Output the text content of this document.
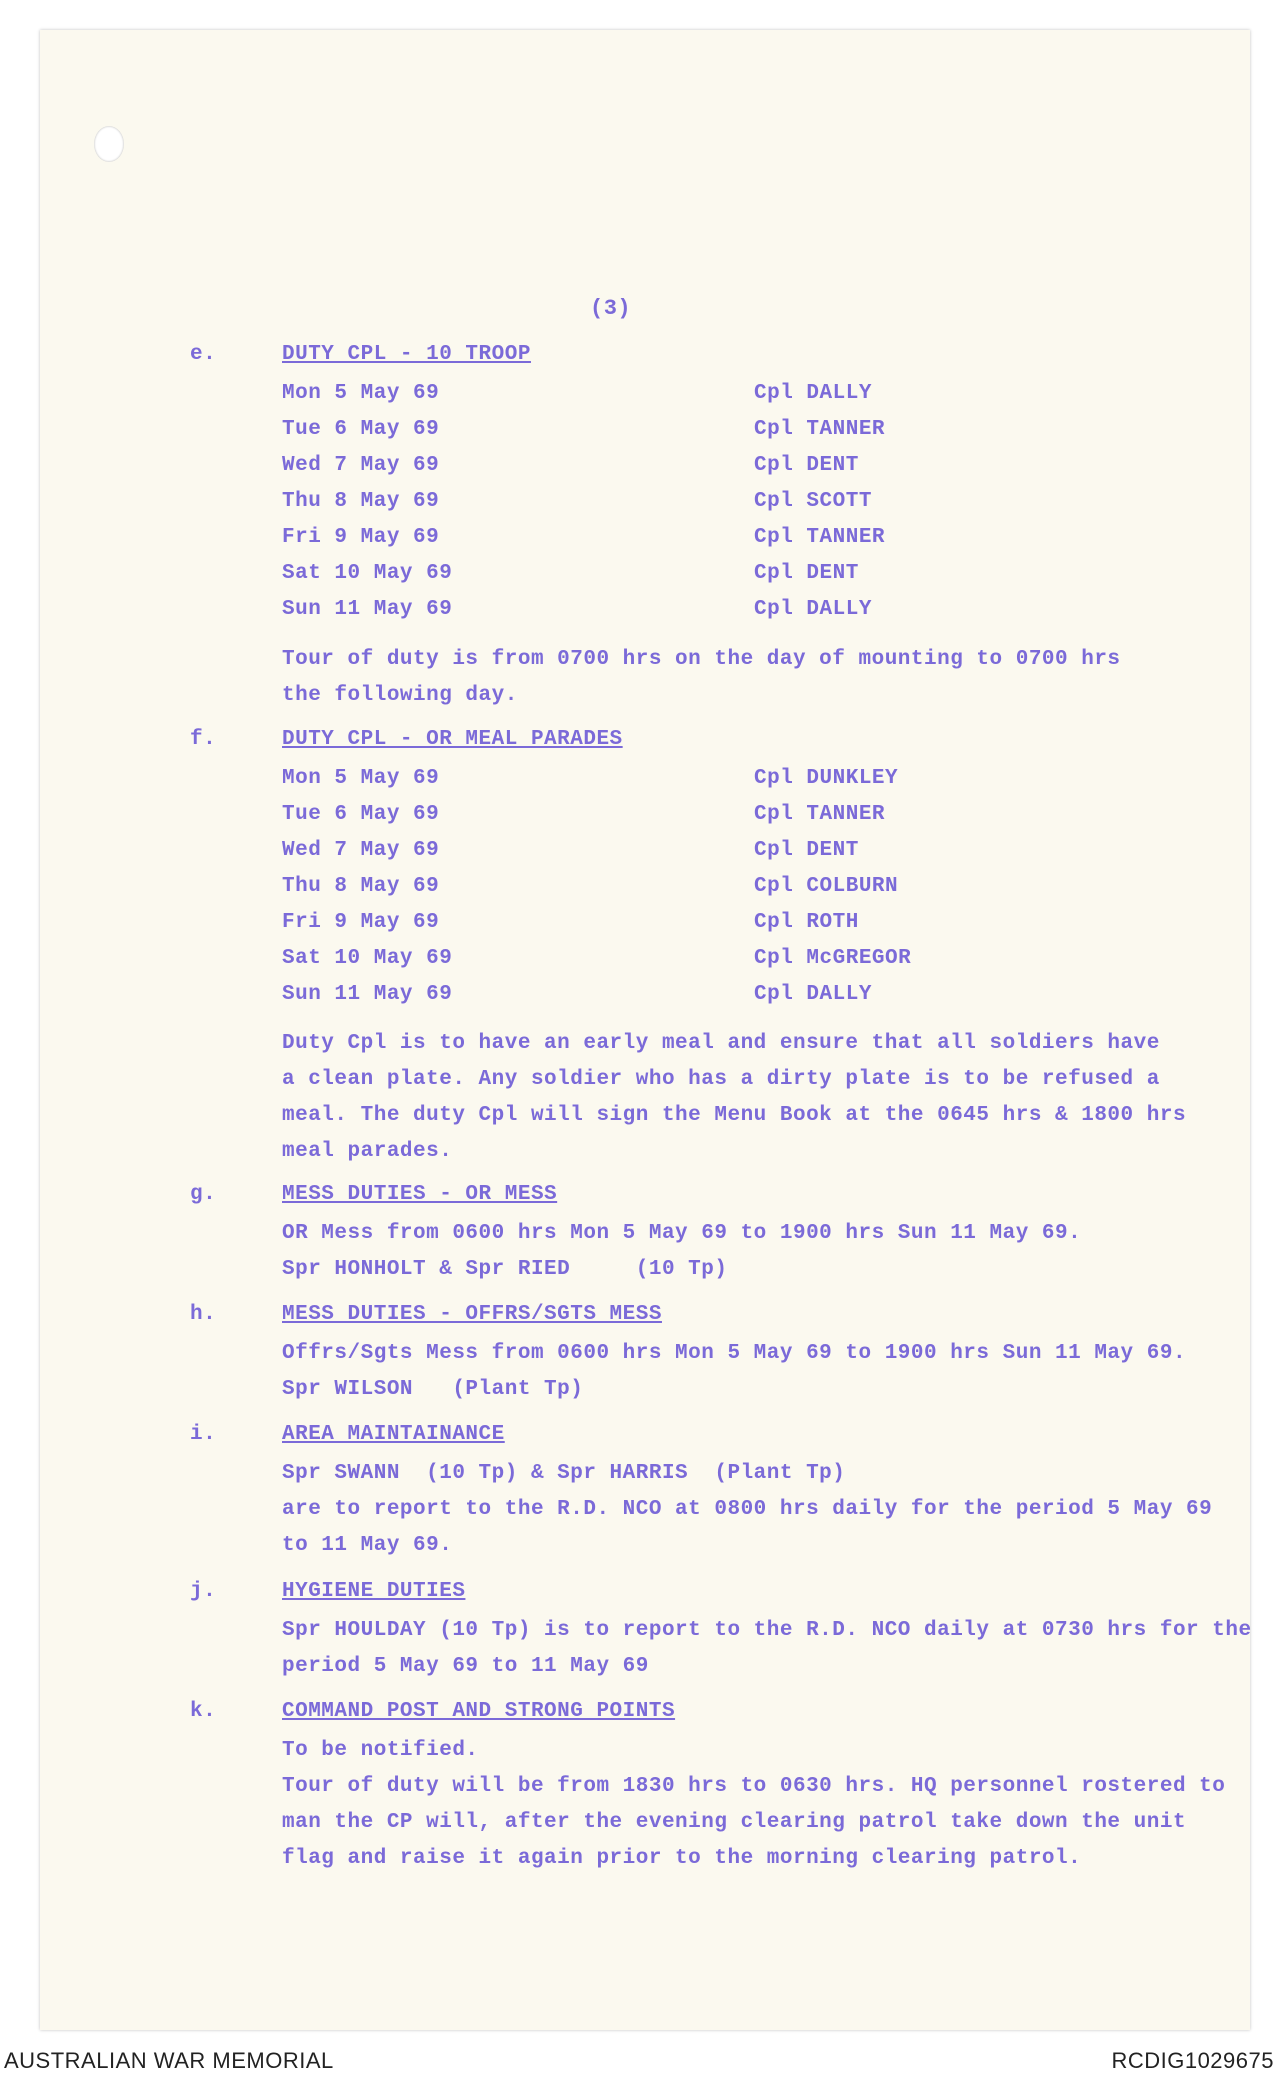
(3)
e.	DUTY CPL - 10 TROOP
Mon 5 May 69	Cpl DALLY
Tue 6 May 69	Cpl TANNER
Wed 7 May 69	Cpl DENT
Thu 8 May 69	Cpl SCOTT
Fri 9 May 69	Cpl TANNER
Sat 10 May 69	Cpl DENT
Sun 11 May 69	Cpl DALLY
Tour of duty is from 0700 hrs on the day of mounting to 0700 hrs
the following day.
f.	DUTY CPL - OR MEAL PARADES
Mon 5 May 69	Cpl DUNKLEY
Tue 6 May 69	Cpl TANNER
Wed 7 May 69	Cpl DENT
Thu 8 May 69	Cpl COLBURN
Fri 9 May 69	Cpl ROTH
Sat 10 May 69	Cpl McGREGOR
Sun 11 May 69	Cpl DALLY
Duty Cpl is to have an early meal and ensure that all soldiers have
a clean plate. Any soldier who has a dirty plate is to be refused a
meal. The duty Cpl will sign the Menu Book at the 0645 hrs & 1800 hrs
meal parades.
g.	MESS DUTIES - OR MESS
OR Mess from 0600 hrs Mon 5 May 69 to 1900 hrs Sun 11 May 69.
Spr HONHOLT & Spr RIED     (10 Tp)
h.	MESS DUTIES - OFFRS/SGTS MESS
Offrs/Sgts Mess from 0600 hrs Mon 5 May 69 to 1900 hrs Sun 11 May 69.
Spr WILSON   (Plant Tp)
i.	AREA MAINTAINANCE
Spr SWANN  (10 Tp) & Spr HARRIS  (Plant Tp)
are to report to the R.D. NCO at 0800 hrs daily for the period 5 May 69
to 11 May 69.
j.	HYGIENE DUTIES
Spr HOULDAY (10 Tp) is to report to the R.D. NCO daily at 0730 hrs for the
period 5 May 69 to 11 May 69
k.	COMMAND POST AND STRONG POINTS
To be notified.
Tour of duty will be from 1830 hrs to 0630 hrs. HQ personnel rostered to
man the CP will, after the evening clearing patrol take down the unit
flag and raise it again prior to the morning clearing patrol.
AUSTRALIAN WAR MEMORIAL	RCDIG1029675
